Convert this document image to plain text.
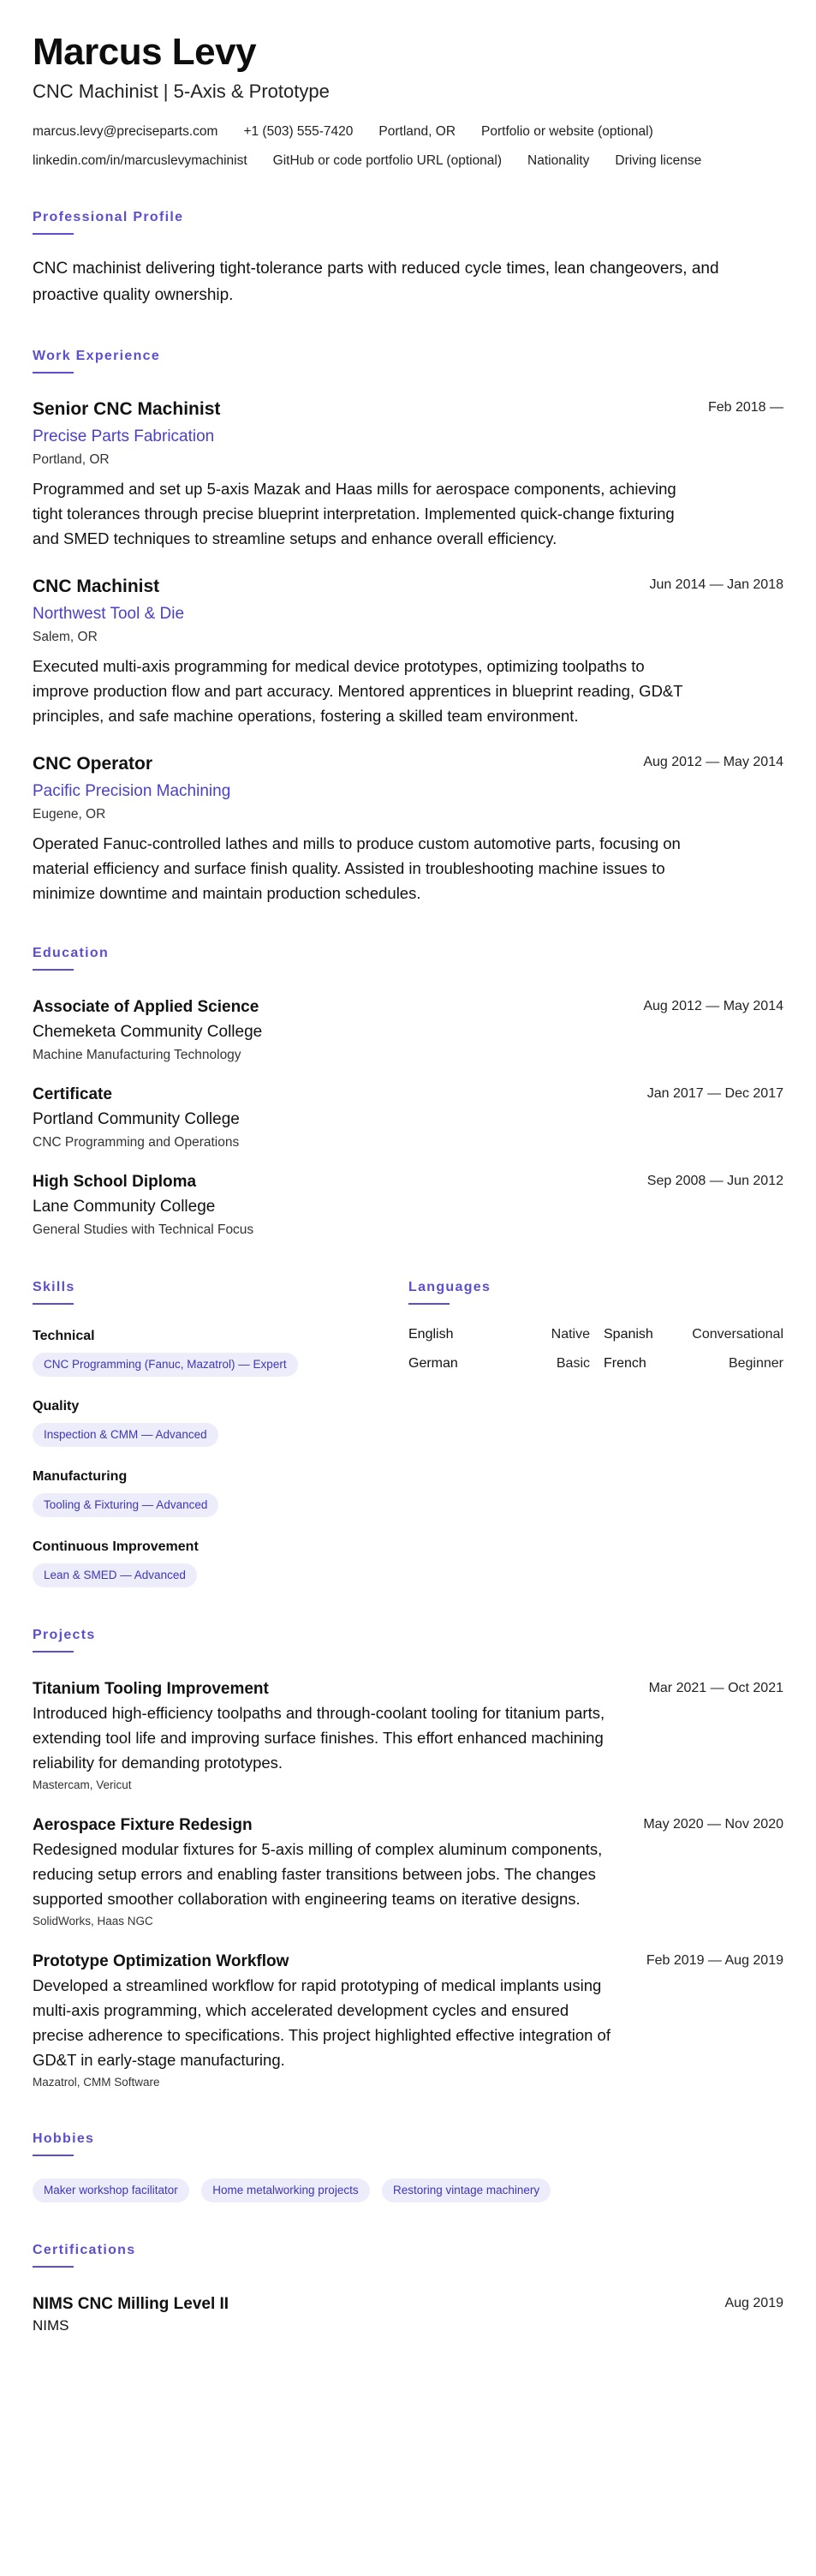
Marcus Levy
CNC Machinist | 5-Axis & Prototype
marcus.levy@preciseparts.com +1 (503) 555-7420 Portland, OR Portfolio or website (optional)
linkedin.com/in/marcuslevymachinist GitHub or code portfolio URL (optional) Nationality Driving license
Professional Profile
CNC machinist delivering tight-tolerance parts with reduced cycle times, lean changeovers, and proactive quality ownership.
Work Experience
Senior CNC Machinist	Feb 2018 —
Precise Parts Fabrication
Portland, OR
Programmed and set up 5-axis Mazak and Haas mills for aerospace components, achieving tight tolerances through precise blueprint interpretation. Implemented quick-change fixturing and SMED techniques to streamline setups and enhance overall efficiency.
CNC Machinist	Jun 2014 — Jan 2018
Northwest Tool & Die
Salem, OR
Executed multi-axis programming for medical device prototypes, optimizing toolpaths to improve production flow and part accuracy. Mentored apprentices in blueprint reading, GD&T principles, and safe machine operations, fostering a skilled team environment.
CNC Operator	Aug 2012 — May 2014
Pacific Precision Machining
Eugene, OR
Operated Fanuc-controlled lathes and mills to produce custom automotive parts, focusing on material efficiency and surface finish quality. Assisted in troubleshooting machine issues to minimize downtime and maintain production schedules.
Education
Associate of Applied Science	Aug 2012 — May 2014
Chemeketa Community College
Machine Manufacturing Technology
Certificate	Jan 2017 — Dec 2017
Portland Community College
CNC Programming and Operations
High School Diploma	Sep 2008 — Jun 2012
Lane Community College
General Studies with Technical Focus
Skills
Technical
CNC Programming (Fanuc, Mazatrol) — Expert
Quality
Inspection & CMM — Advanced
Manufacturing
Tooling & Fixturing — Advanced
Continuous Improvement
Lean & SMED — Advanced
Languages
English	Native	Spanish	Conversational
German	Basic	French	Beginner
Projects
Titanium Tooling Improvement	Mar 2021 — Oct 2021
Introduced high-efficiency toolpaths and through-coolant tooling for titanium parts, extending tool life and improving surface finishes. This effort enhanced machining reliability for demanding prototypes.
Mastercam, Vericut
Aerospace Fixture Redesign	May 2020 — Nov 2020
Redesigned modular fixtures for 5-axis milling of complex aluminum components, reducing setup errors and enabling faster transitions between jobs. The changes supported smoother collaboration with engineering teams on iterative designs.
SolidWorks, Haas NGC
Prototype Optimization Workflow	Feb 2019 — Aug 2019
Developed a streamlined workflow for rapid prototyping of medical implants using multi-axis programming, which accelerated development cycles and ensured precise adherence to specifications. This project highlighted effective integration of GD&T in early-stage manufacturing.
Mazatrol, CMM Software
Hobbies
Maker workshop facilitator	Home metalworking projects	Restoring vintage machinery
Certifications
NIMS CNC Milling Level II	Aug 2019
NIMS
